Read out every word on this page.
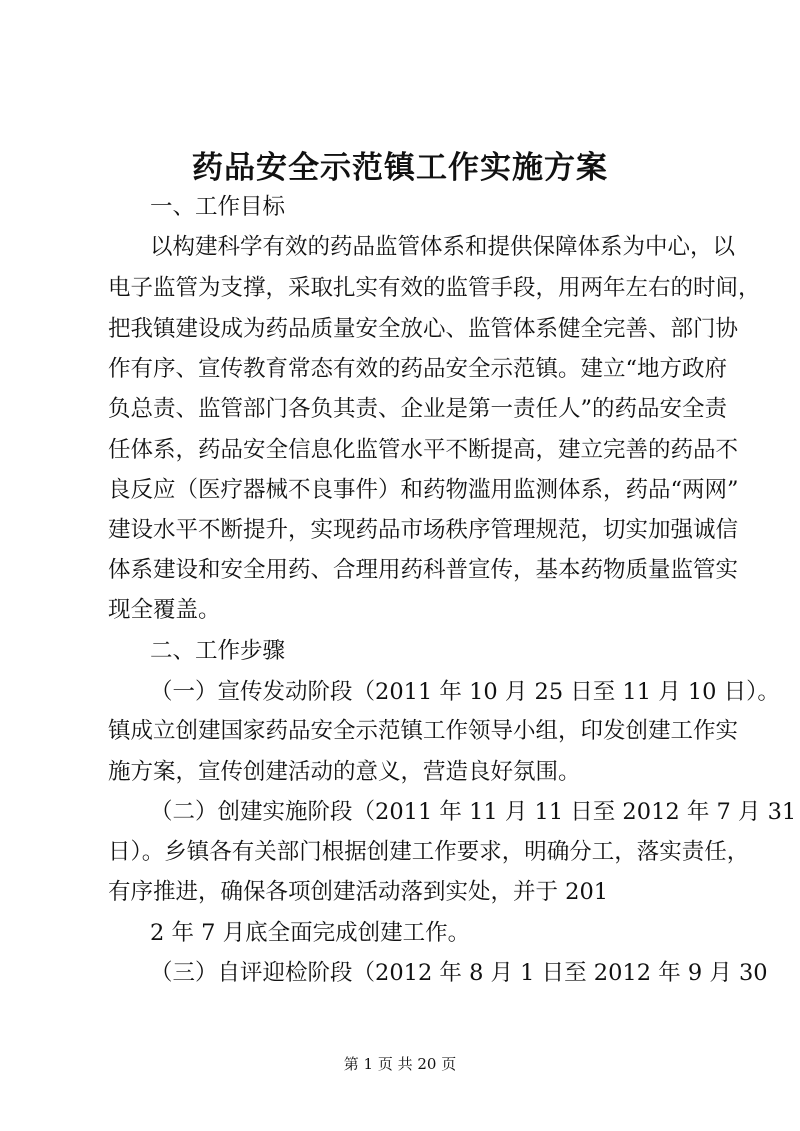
药品安全示范镇工作实施方案
一、工作目标
以构建科学有效的药品监管体系和提供保障体系为中心，以
电子监管为支撑，采取扎实有效的监管手段，用两年左右的时间，
把我镇建设成为药品质量安全放心、监管体系健全完善、部门协
作有序、宣传教育常态有效的药品安全示范镇。建立“地方政府
负总责、监管部门各负其责、企业是第一责任人”的药品安全责
任体系，药品安全信息化监管水平不断提高，建立完善的药品不
良反应（医疗器械不良事件）和药物滥用监测体系，药品“两网”
建设水平不断提升，实现药品市场秩序管理规范，切实加强诚信
体系建设和安全用药、合理用药科普宣传，基本药物质量监管实
现全覆盖。
二、工作步骤
（一）宣传发动阶段（2011 年 10 月 25 日至 11 月 10 日）。
镇成立创建国家药品安全示范镇工作领导小组，印发创建工作实
施方案，宣传创建活动的意义，营造良好氛围。
（二）创建实施阶段（2011 年 11 月 11 日至 2012 年 7 月 31
日）。乡镇各有关部门根据创建工作要求，明确分工，落实责任，
有序推进，确保各项创建活动落到实处，并于 201
2 年 7 月底全面完成创建工作。
（三）自评迎检阶段（2012 年 8 月 1 日至 2012 年 9 月 30
第 1 页 共 20 页
